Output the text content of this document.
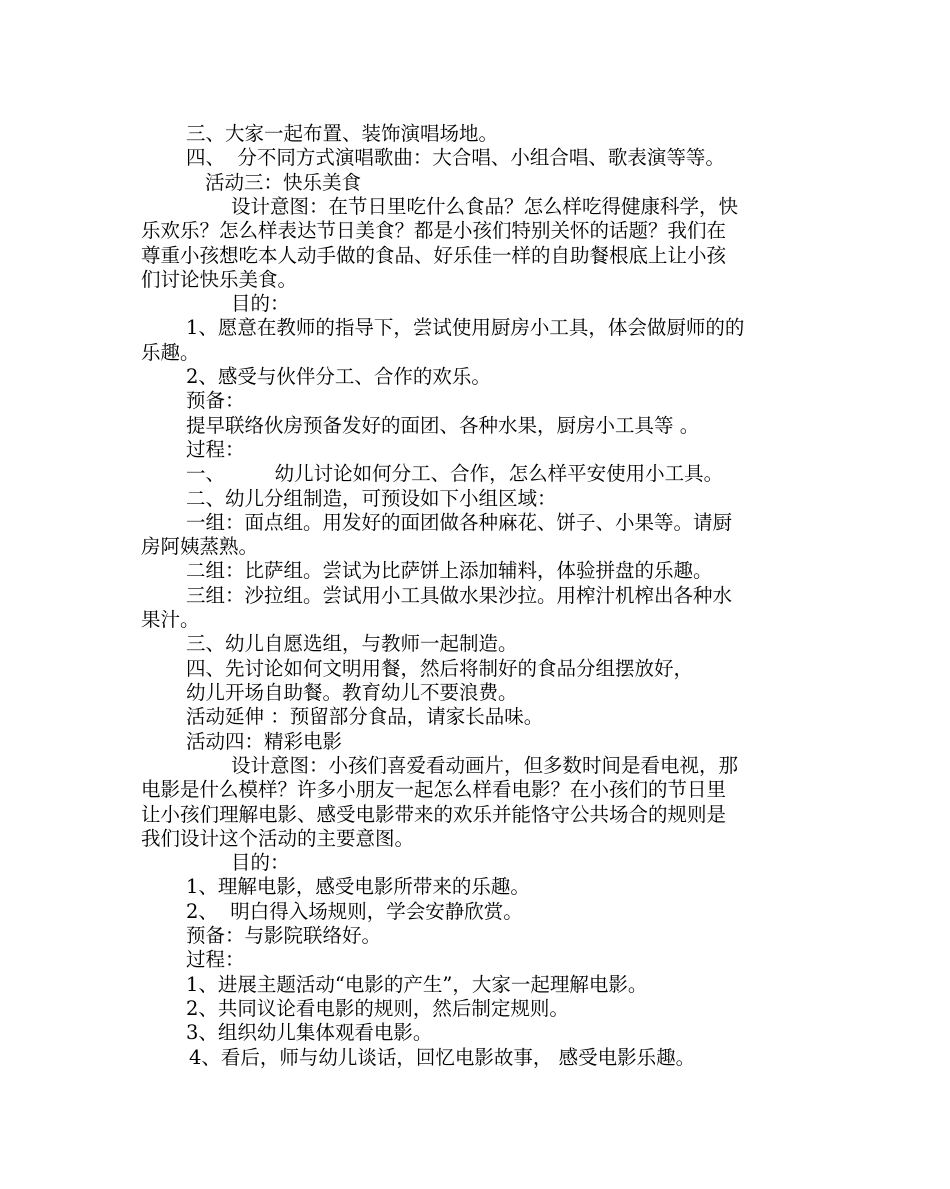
三、大家一起布置、装饰演唱场地。
四、  分不同方式演唱歌曲：大合唱、小组合唱、歌表演等等。
活动三：快乐美食
设计意图：在节日里吃什么食品？怎么样吃得健康科学，快
乐欢乐？怎么样表达节日美食？都是小孩们特别关怀的话题？我们在
尊重小孩想吃本人动手做的食品、好乐佳一样的自助餐根底上让小孩
们讨论快乐美食。
目的：
1、愿意在教师的指导下，尝试使用厨房小工具，体会做厨师的的
乐趣。
2、感受与伙伴分工、合作的欢乐。
预备：
提早联络伙房预备发好的面团、各种水果，厨房小工具等 。
过程：
一、        幼儿讨论如何分工、合作，怎么样平安使用小工具。
二、幼儿分组制造，可预设如下小组区域：
一组：面点组。用发好的面团做各种麻花、饼子、小果等。请厨
房阿姨蒸熟。
二组：比萨组。尝试为比萨饼上添加辅料，体验拼盘的乐趣。
三组：沙拉组。尝试用小工具做水果沙拉。用榨汁机榨出各种水
果汁。
三、幼儿自愿选组，与教师一起制造。
四、先讨论如何文明用餐，然后将制好的食品分组摆放好，
幼儿开场自助餐。教育幼儿不要浪费。
活动延伸 ：预留部分食品，请家长品味。
活动四：精彩电影
设计意图：小孩们喜爱看动画片，但多数时间是看电视，那
电影是什么模样？许多小朋友一起怎么样看电影？在小孩们的节日里
让小孩们理解电影、感受电影带来的欢乐并能恪守公共场合的规则是
我们设计这个活动的主要意图。
目的：
1、理解电影，感受电影所带来的乐趣。
2、  明白得入场规则，学会安静欣赏。
预备：与影院联络好。
过程：
1、进展主题活动“电影的产生”，大家一起理解电影。
2、共同议论看电影的规则，然后制定规则。
3、组织幼儿集体观看电影。
4、看后，师与幼儿谈话，回忆电影故事， 感受电影乐趣。
